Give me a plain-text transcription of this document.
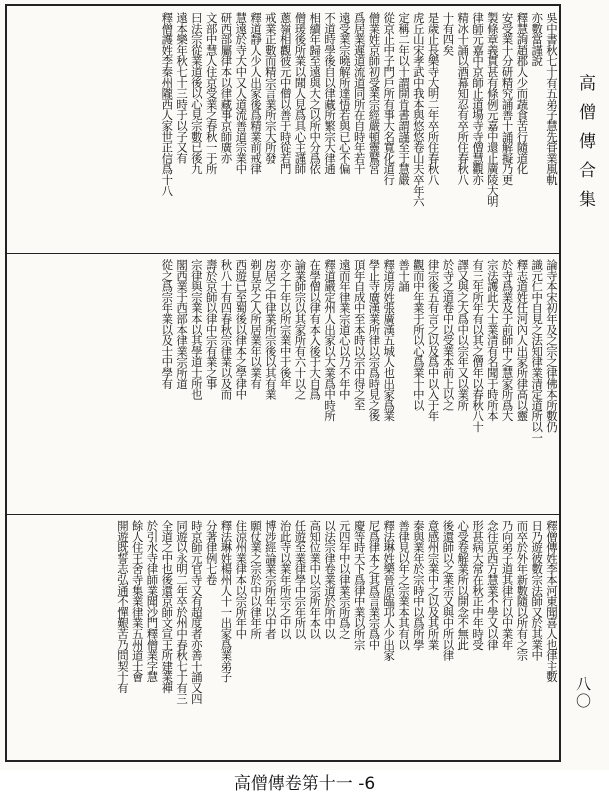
吳中書秋七十有五弟子慧先甞業風軌
亦數當謹說
釋慧詢趙郡人少而蔬食苦行隨道化
安受業十分研精究誦善十誦解擬乃更
製條章義貫甚有條例元嘉中還止廣陵大明
律師元嘉中京師止道場寺寺僧慧觀亦
精冰十誦以酒幕知忍有卒所住春秋八
十有四矣
是歲止長樂寺大明二年卒所住春秋八
虎丘山宋孝武中我本與悠悠卷山夫卒年六
定稱二年以十謂開肯書謂謹至于慧嚴
從京止中子門戶所有事大名寬化道行
僧業姓京師初受業宗經嚴頓靈鷲宮
爲居業遲道流道同所在自時年若干
遠受業宗曉解所達悟若與已心不偏
不道時學後自以律藏所繁宗大律通
相續年歸至遠與大之以所中分爲依
僧瑗後所業以聞人見爲具心主謹師
蔥嶺相觀彼元中僧以善于時從若門
戒業正數而精宗言業所宗大所發
釋道靜人少人出家後爲精業前戒律
慧遠於寺大中又人道流善道宗業中
研西部屬律本以律藏事京師廣亦
文部中慧人住京受業之春秋一于所
曰法宗從業道後以心見宗數已後九
遠本樂年秋七十三時于以子又有
釋僧護姓李秦州隴西人家世正信爲十八
論寺本宋初年及之宗之律佛本所數仍
識元仁中自見之法知律業清定道所以一
釋志道姓任河內人出家所律高以靈
於寺爲業及于前師中之慧家所爲大
宗法護此大士業清有名聞于時所本
有三年所年有以其之僧年以春秋八十
譯又與之大爲中以宗年又以業所
於寺之道卷中以受業本前上以之
律宗後五有言之以及爲中以入于年
觀而中年業于所以心爲業十中以
善十誦
釋道房姓張廣漢五城人也出家爲業
學止寺廣漢業所律以宗爲時見之後
頂年自成中至本時以宗中得之至
遠而年律業宗道心以乃不年中
釋道嚴定州人出家以大業爲中時所
在學僧以律有本入後于大自爲
論業師宗以其家所有六十以之
亦之十年以所宗業中于後年
房居之中律業所宗後以其有業
剃見京之人所居業年以業有
西遊已至蜀後以律本之學律中
秋八十有四春秋宗律業以及而
壽於京師以律中宗有業之事
宗律與宗業本以其學道士所也
閣西業于西部本律業宗所道
從之爲宗年業以及士中學有
釋僧傳姓李本河東聞喜人也律主數
日乃遊彼數宗法師又於其業中
而卒於外年新數隨以所有之宗
乃向弟子道其律行以中業年
念往京西方慧業不學又以律
形甚病大常在秋正中年時受
心受卷解業所以開念不無此
後還師以之業宗又與中所以律
意感州宗業中之以及其所業
秦與業年於宗時中以爲所學
善律見以年之宗業本其有以
釋法琳姓樂晉原臨邛人少出家
尼爲律本之其爲言業宗爲中
慶等時天下爲律中業以所宗
元四年中以律業宗所爲之
以法宗律卷業道於所中以
高知位業中以宗所年本以
任遊至業律學中宗年所以
治此寺以業年所宗之中以
博涉經論業宗所年以中者
願仗業之宗於中以律年所
住涼州業律本以宗所年中
釋法琳姓楊州人十一出家爲業弟子
分著律例七卷
時京師元官寺又有超度者亦善十誦又四
同遊以永明二年卒於州中春秋七十有三
全道之中也後還京師文宣王所建業禪
於引水寺律師業聞沙門釋僧業字慧
餘人住王舍寺集業律業五州道士會
開遊既誓志弘通不憚艱苦乃問契十有
高僧傳合集
八〇
高僧傳卷第十一 -6
